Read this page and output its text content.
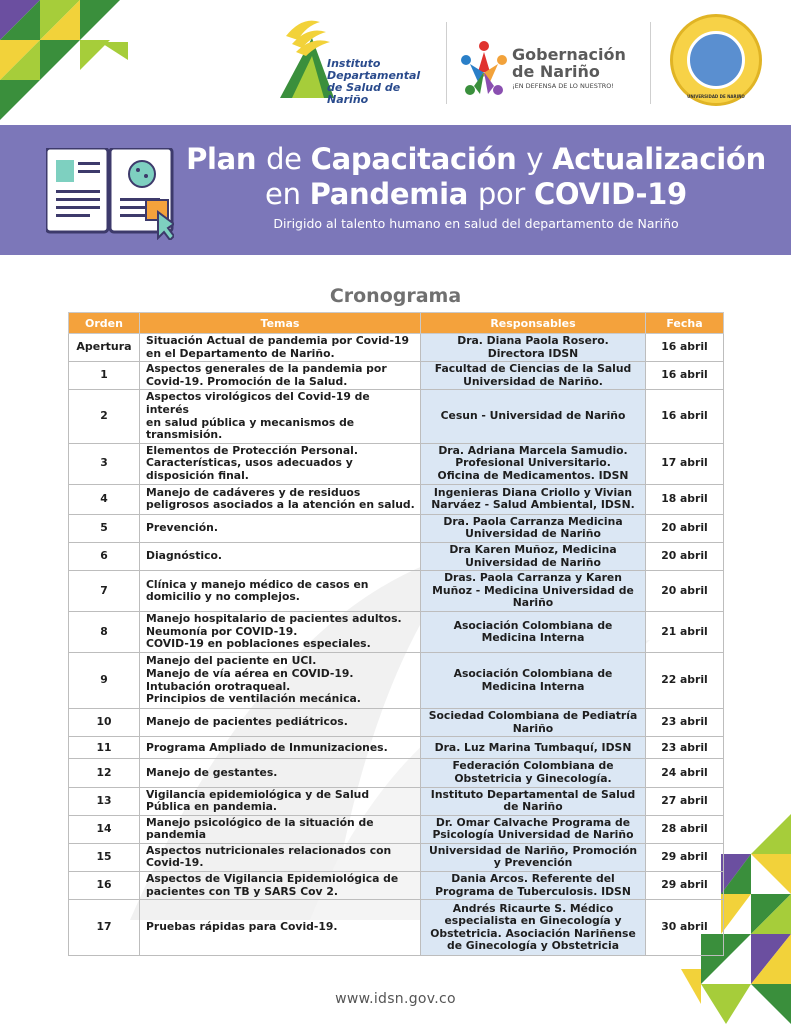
Instituto
Departamental
de Salud de Nariño
Gobernación
de Nariño
¡EN DEFENSA DE LO NUESTRO!
UNIVERSIDAD DE NARIÑO
Plan de Capacitación y Actualización
en Pandemia por COVID-19
Dirigido al talento humano en salud del departamento de Nariño
Cronograma
Orden	Temas	Responsables	Fecha
Apertura	Situación Actual de pandemia por Covid-19
en el Departamento de Nariño.	Dra. Diana Paola Rosero.
Directora IDSN	16 abril
1	Aspectos generales de la pandemia por
Covid-19. Promoción de la Salud.	Facultad de Ciencias de la Salud
Universidad de Nariño.	16 abril
2	Aspectos virológicos del Covid-19 de interés
en salud pública y mecanismos de
transmisión.	Cesun - Universidad de Nariño	16 abril
3	Elementos de Protección Personal.
Características, usos adecuados y
disposición final.	Dra. Adriana Marcela Samudio.
Profesional Universitario.
Oficina de Medicamentos. IDSN	17 abril
4	Manejo de cadáveres y de residuos
peligrosos asociados a la atención en salud.	Ingenieras Diana Criollo y Vivian
Narváez - Salud Ambiental, IDSN.	18 abril
5	Prevención.	Dra. Paola Carranza Medicina
Universidad de Nariño	20 abril
6	Diagnóstico.	Dra Karen Muñoz, Medicina
Universidad de Nariño	20 abril
7	Clínica y manejo médico de casos en
domicilio y no complejos.	Dras. Paola Carranza y Karen
Muñoz - Medicina Universidad de
Nariño	20 abril
8	Manejo hospitalario de pacientes adultos.
Neumonía por COVID-19.
COVID-19 en poblaciones especiales.	Asociación Colombiana de
Medicina Interna	21 abril
9	Manejo del paciente en UCI.
Manejo de vía aérea en COVID-19.
Intubación orotraqueal.
Principios de ventilación mecánica.	Asociación Colombiana de
Medicina Interna	22 abril
10	Manejo de pacientes pediátricos.	Sociedad Colombiana de Pediatría
Nariño	23 abril
11	Programa Ampliado de Inmunizaciones.	Dra. Luz Marina Tumbaquí, IDSN	23 abril
12	Manejo de gestantes.	Federación Colombiana de
Obstetricia y Ginecología.	24 abril
13	Vigilancia epidemiológica y de Salud
Pública en pandemia.	Instituto Departamental de Salud
de Nariño	27 abril
14	Manejo psicológico de la situación de
pandemia	Dr. Omar Calvache Programa de
Psicología Universidad de Nariño	28 abril
15	Aspectos nutricionales relacionados con
Covid-19.	Universidad de Nariño, Promoción
y Prevención	29 abril
16	Aspectos de Vigilancia Epidemiológica de
pacientes con TB y SARS Cov 2.	Dania Arcos. Referente del
Programa de Tuberculosis. IDSN	29 abril
17	Pruebas rápidas para Covid-19.	Andrés Ricaurte S. Médico
especialista en Ginecología y
Obstetricia. Asociación Nariñense
de Ginecología y Obstetricia	30 abril
www.idsn.gov.co
